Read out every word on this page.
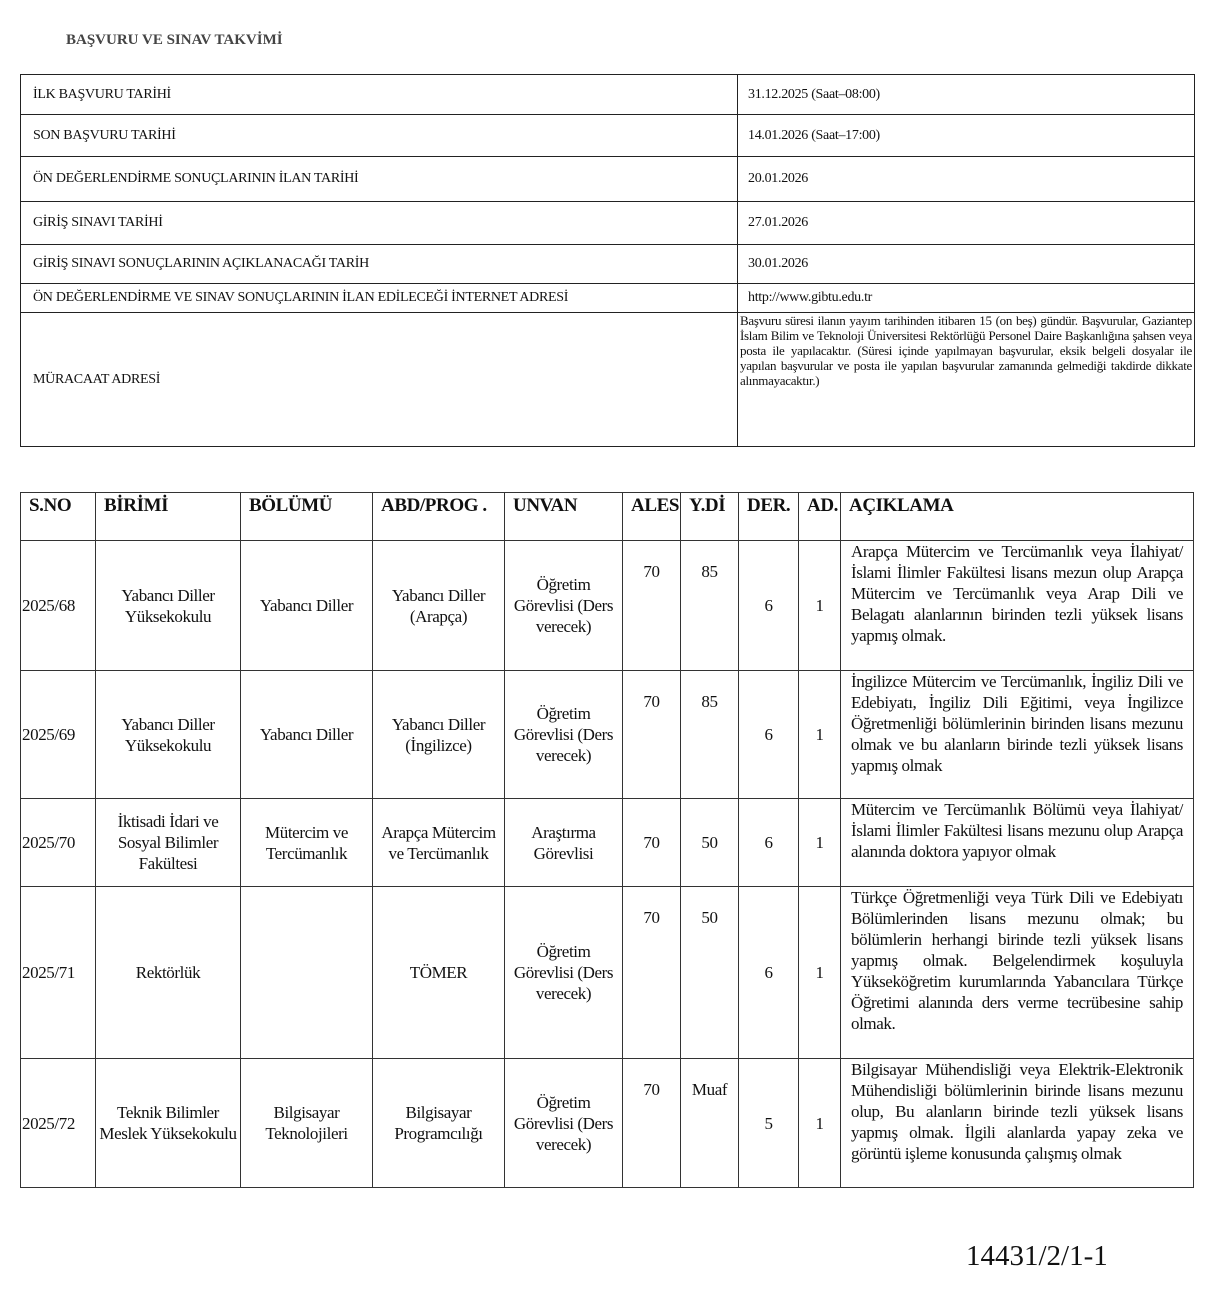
BAŞVURU VE SINAV TAKVİMİ
İLK BAŞVURU TARİHİ	31.12.2025 (Saat–08:00)
SON BAŞVURU TARİHİ	14.01.2026 (Saat–17:00)
ÖN DEĞERLENDİRME SONUÇLARININ İLAN TARİHİ	20.01.2026
GİRİŞ SINAVI TARİHİ	27.01.2026
GİRİŞ SINAVI SONUÇLARININ AÇIKLANACAĞI TARİH	30.01.2026
ÖN DEĞERLENDİRME VE SINAV SONUÇLARININ İLAN EDİLECEĞİ İNTERNET ADRESİ	http://www.gibtu.edu.tr
MÜRACAAT ADRESİ	Başvuru süresi ilanın yayım tarihinden itibaren 15 (on beş) gündür. Başvurular, Gaziantep İslam Bilim ve Teknoloji Üniversitesi Rektörlüğü Personel Daire Başkanlığına şahsen veya posta ile yapılacaktır. (Süresi içinde yapılmayan başvurular, eksik belgeli dosyalar ile yapılan başvurular ve posta ile yapılan başvurular zamanında gelmediği takdirde dikkate alınmayacaktır.)
S.NO	BİRİMİ	BÖLÜMÜ	ABD/PROG .	UNVAN	ALES	Y.Dİ	DER.	AD.	AÇIKLAMA
2025/68	Yabancı Diller Yüksekokulu	Yabancı Diller	Yabancı Diller (Arapça)	Öğretim Görevlisi (Ders verecek)	70	85	6	1	Arapça Mütercim ve Tercümanlık veya İlahiyat/İslami İlimler Fakültesi lisans mezun olup Arapça Mütercim ve Tercümanlık veya Arap Dili ve Belagatı alanlarının birinden tezli yüksek lisans yapmış olmak.
2025/69	Yabancı Diller Yüksekokulu	Yabancı Diller	Yabancı Diller (İngilizce)	Öğretim Görevlisi (Ders verecek)	70	85	6	1	İngilizce Mütercim ve Tercümanlık, İngiliz Dili ve Edebiyatı, İngiliz Dili Eğitimi, veya İngilizce Öğretmenliği bölümlerinin birinden lisans mezunu olmak ve bu alanların birinde tezli yüksek lisans yapmış olmak
2025/70	İktisadi İdari ve Sosyal Bilimler Fakültesi	Mütercim ve Tercümanlık	Arapça Mütercim ve Tercümanlık	Araştırma Görevlisi	70	50	6	1	Mütercim ve Tercümanlık Bölümü veya İlahiyat/İslami İlimler Fakültesi lisans mezunu olup Arapça alanında doktora yapıyor olmak
2025/71	Rektörlük		TÖMER	Öğretim Görevlisi (Ders verecek)	70	50	6	1	Türkçe Öğretmenliği veya Türk Dili ve Edebiyatı Bölümlerinden lisans mezunu olmak; bu bölümlerin herhangi birinde tezli yüksek lisans yapmış olmak. Belgelendirmek koşuluyla Yükseköğretim kurumlarında Yabancılara Türkçe Öğretimi alanında ders verme tecrübesine sahip olmak.
2025/72	Teknik Bilimler Meslek Yüksekokulu	Bilgisayar Teknolojileri	Bilgisayar Programcılığı	Öğretim Görevlisi (Ders verecek)	70	Muaf	5	1	Bilgisayar Mühendisliği veya Elektrik-Elektronik Mühendisliği bölümlerinin birinde lisans mezunu olup, Bu alanların birinde tezli yüksek lisans yapmış olmak. İlgili alanlarda yapay zeka ve görüntü işleme konusunda çalışmış olmak
14431/2/1-1
